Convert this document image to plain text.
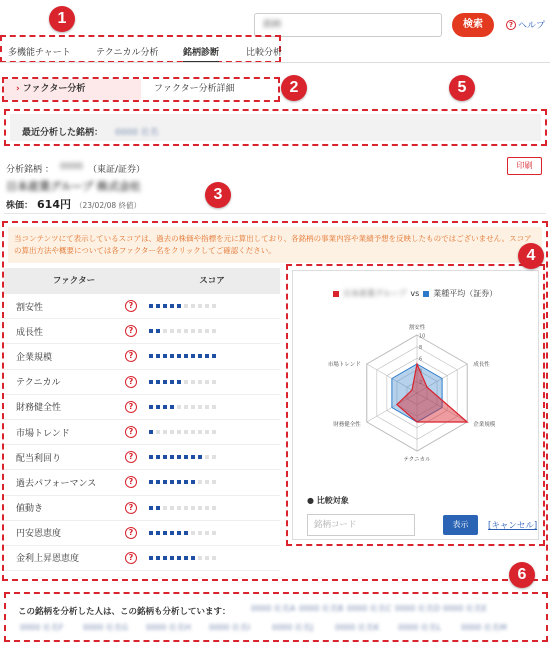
銘柄	検索	? ヘルプ
多機能チャート	テクニカル分析	銘柄診断	比較分析
1
› ファクター分析	ファクター分析詳細	2
最近分析した銘柄： 0000 社名
5
分析銘柄 ： 0000 （東証/証券）
日本産業グループ 株式会社
株価： 614円 （23/02/08 終値）
印刷
当コンテンツにて表示しているスコアは、過去の株価や指標を元に算出しており、各銘柄の事業内容や業績予想を反映したものではございません。スコアの算出方法や概要については各ファクター名をクリックしてご確認ください。
3
ファクター	スコア
割安性	?
成長性	?
企業規模	?
テクニカル	?
財務健全性	?
市場トレンド	?
配当利回り	?
過去パフォーマンス	?
値動き	?
円安恩恵度	?
金利上昇恩恵度	?
日本産業グループ vs 業種平均（証券）
10
8
6
4
2
割安性
成長性
企業規模
テクニカル
財務健全性
市場トレンド
● 比較対象
銘柄コード	表示	[キャンセル]
4
この銘柄を分析した人は、この銘柄も分析しています：	0000 社名A 0000 社名B 0000 社名C 0000 社名D 0000 社名E
0000 社名F 0000 社名G 0000 社名H 0000 社名I	0000 社名J	0000 社名K 0000 社名L 0000 社名M
6
